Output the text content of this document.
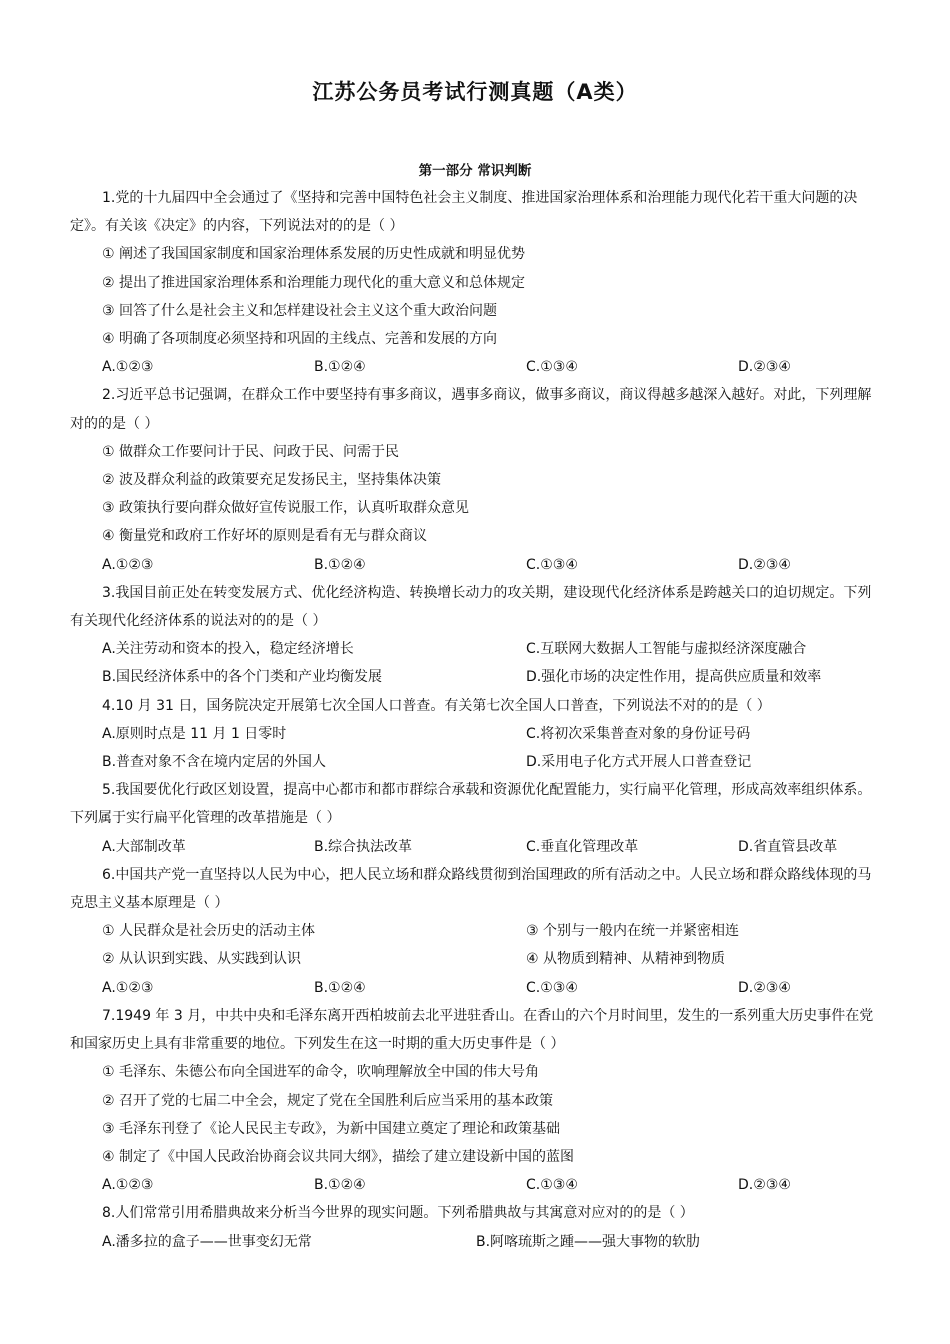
江苏公务员考试行测真题（A类）
第一部分 常识判断

1.党的十九届四中全会通过了《坚持和完善中国特色社会主义制度、推进国家治理体系和治理能力现代化若干重大问题的决定》。有关该《决定》的内容，下列说法对的的是（ ）

① 阐述了我国国家制度和国家治理体系发展的历史性成就和明显优势

② 提出了推进国家治理体系和治理能力现代化的重大意义和总体规定

③ 回答了什么是社会主义和怎样建设社会主义这个重大政治问题

④ 明确了各项制度必须坚持和巩固的主线点、完善和发展的方向

A.①②③	B.①②④	C.①③④	D.②③④

2.习近平总书记强调，在群众工作中要坚持有事多商议，遇事多商议，做事多商议，商议得越多越深入越好。对此，下列理解对的的是（ ）

① 做群众工作要问计于民、问政于民、问需于民

② 波及群众利益的政策要充足发扬民主，坚持集体决策

③ 政策执行要向群众做好宣传说服工作，认真听取群众意见

④ 衡量党和政府工作好坏的原则是看有无与群众商议

A.①②③	B.①②④	C.①③④	D.②③④

3.我国目前正处在转变发展方式、优化经济构造、转换增长动力的攻关期，建设现代化经济体系是跨越关口的迫切规定。下列有关现代化经济体系的说法对的的是（ ）

A.关注劳动和资本的投入，稳定经济增长	C.互联网大数据人工智能与虚拟经济深度融合
B.国民经济体系中的各个门类和产业均衡发展	D.强化市场的决定性作用，提高供应质量和效率

4.10 月 31 日，国务院决定开展第七次全国人口普查。有关第七次全国人口普查，下列说法不对的的是（ ）

A.原则时点是 11 月 1 日零时	C.将初次采集普查对象的身份证号码
B.普查对象不含在境内定居的外国人	D.采用电子化方式开展人口普查登记

5.我国要优化行政区划设置，提高中心都市和都市群综合承载和资源优化配置能力，实行扁平化管理，形成高效率组织体系。下列属于实行扁平化管理的改革措施是（ ）

A.大部制改革	B.综合执法改革	C.垂直化管理改革	D.省直管县改革

6.中国共产党一直坚持以人民为中心，把人民立场和群众路线贯彻到治国理政的所有活动之中。人民立场和群众路线体现的马克思主义基本原理是（ ）

① 人民群众是社会历史的活动主体	③ 个别与一般内在统一并紧密相连
② 从认识到实践、从实践到认识	④ 从物质到精神、从精神到物质
A.①②③	B.①②④	C.①③④	D.②③④

7.1949 年 3 月，中共中央和毛泽东离开西柏坡前去北平进驻香山。在香山的六个月时间里，发生的一系列重大历史事件在党和国家历史上具有非常重要的地位。下列发生在这一时期的重大历史事件是（ ）

① 毛泽东、朱德公布向全国进军的命令，吹响理解放全中国的伟大号角

② 召开了党的七届二中全会，规定了党在全国胜利后应当采用的基本政策

③ 毛泽东刊登了《论人民民主专政》，为新中国建立奠定了理论和政策基础

④ 制定了《中国人民政治协商会议共同大纲》，描绘了建立建设新中国的蓝图

A.①②③	B.①②④	C.①③④	D.②③④

8.人们常常引用希腊典故来分析当今世界的现实问题。下列希腊典故与其寓意对应对的的是（ ）

A.潘多拉的盒子——世事变幻无常	B.阿喀琉斯之踵——强大事物的软肋
